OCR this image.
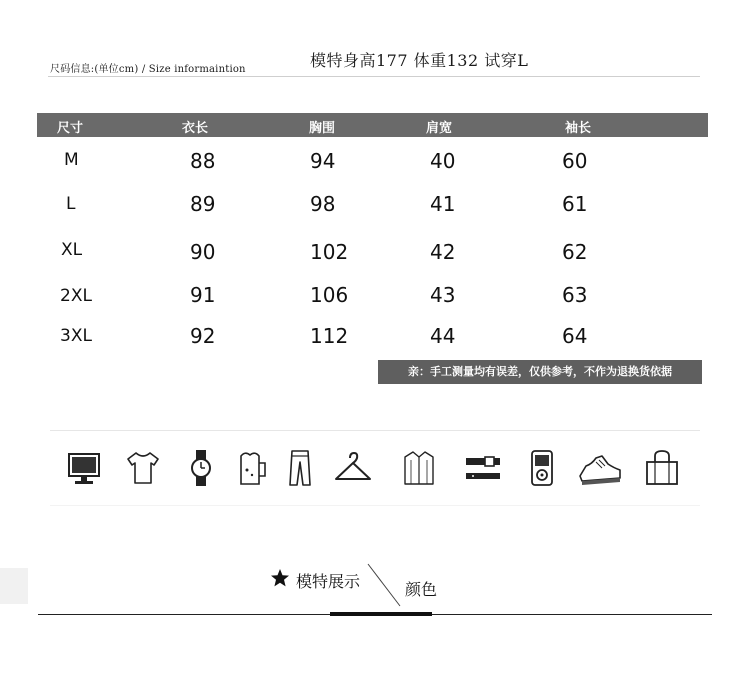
尺码信息:(单位cm) / Size informaintion	模特身高177 体重132 试穿L
尺寸	衣长	胸围	肩宽	袖长
M	88	94	40	60
L	89	98	41	61
XL	90	102	42	62
2XL	91	106	43	63
3XL	92	112	44	64
亲：手工测量均有误差，仅供参考，不作为退换货依据
模特展示	颜色
